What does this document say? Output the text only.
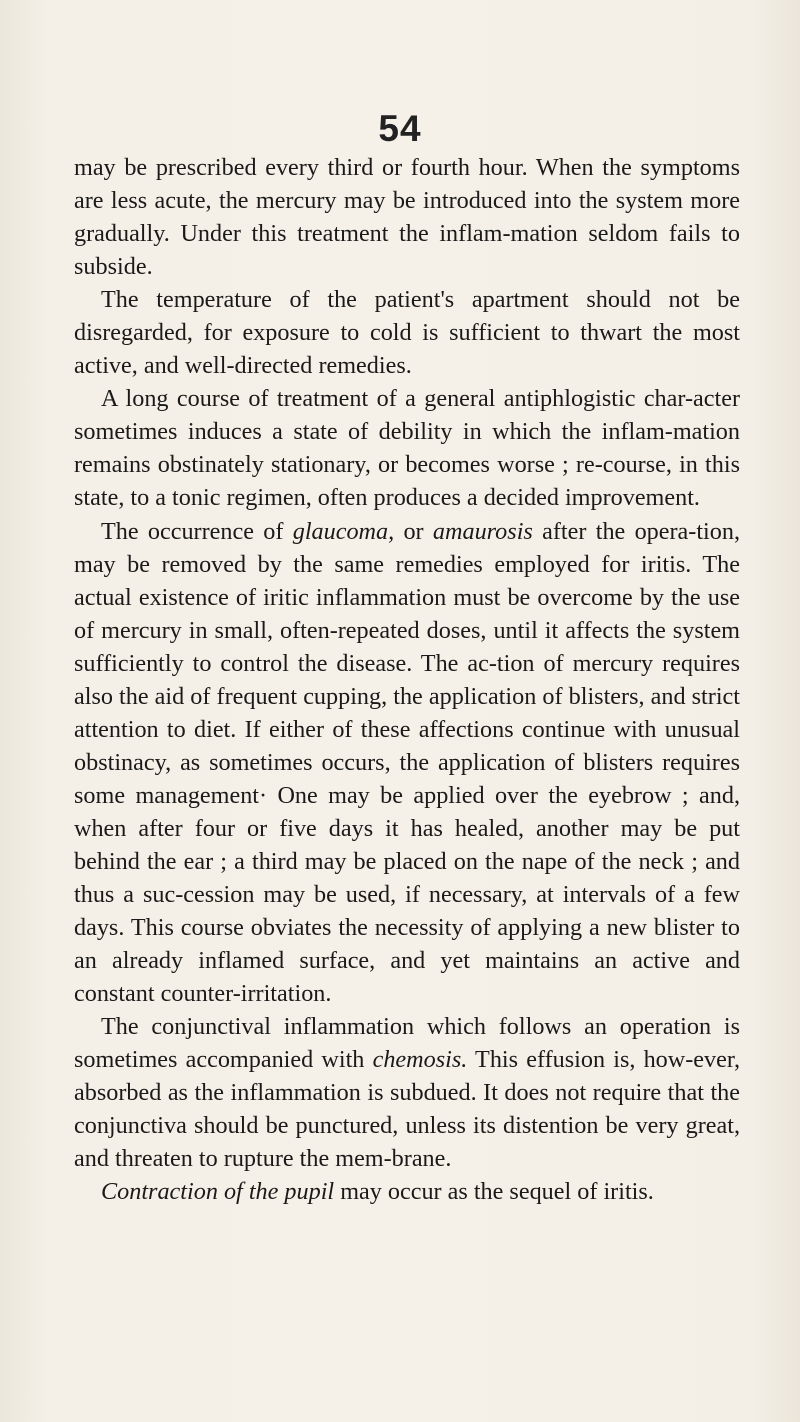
54

may be prescribed every third or fourth hour. When the symptoms are less acute, the mercury may be introduced into the system more gradually. Under this treatment the inflam-mation seldom fails to subside.

The temperature of the patient's apartment should not be disregarded, for exposure to cold is sufficient to thwart the most active, and well-directed remedies.

A long course of treatment of a general antiphlogistic char-acter sometimes induces a state of debility in which the inflam-mation remains obstinately stationary, or becomes worse ; re-course, in this state, to a tonic regimen, often produces a decided improvement.

The occurrence of glaucoma, or amaurosis after the opera-tion, may be removed by the same remedies employed for iritis. The actual existence of iritic inflammation must be overcome by the use of mercury in small, often-repeated doses, until it affects the system sufficiently to control the disease. The ac-tion of mercury requires also the aid of frequent cupping, the application of blisters, and strict attention to diet. If either of these affections continue with unusual obstinacy, as sometimes occurs, the application of blisters requires some management· One may be applied over the eyebrow ; and, when after four or five days it has healed, another may be put behind the ear ; a third may be placed on the nape of the neck ; and thus a suc-cession may be used, if necessary, at intervals of a few days. This course obviates the necessity of applying a new blister to an already inflamed surface, and yet maintains an active and constant counter-irritation.

The conjunctival inflammation which follows an operation is sometimes accompanied with chemosis. This effusion is, how-ever, absorbed as the inflammation is subdued. It does not require that the conjunctiva should be punctured, unless its distention be very great, and threaten to rupture the mem-brane.

Contraction of the pupil may occur as the sequel of iritis.
